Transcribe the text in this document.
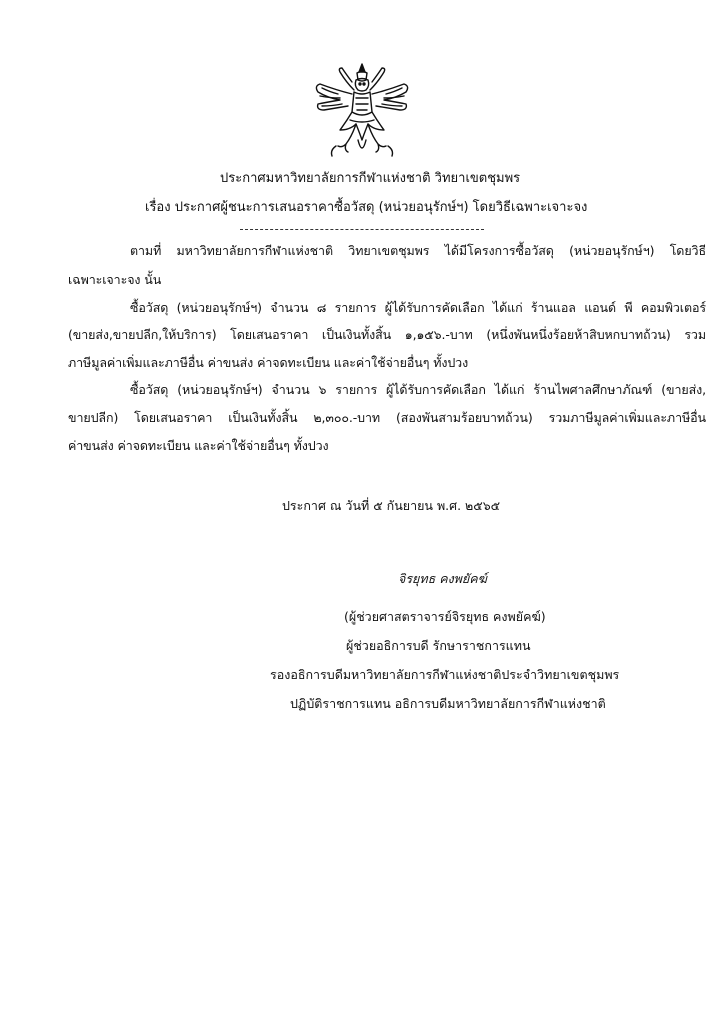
ประกาศมหาวิทยาลัยการกีฬาแห่งชาติ วิทยาเขตชุมพร
เรื่อง ประกาศผู้ชนะการเสนอราคาซื้อวัสดุ (หน่วยอนุรักษ์ฯ) โดยวิธีเฉพาะเจาะจง
ตามที่ มหาวิทยาลัยการกีฬาแห่งชาติ วิทยาเขตชุมพร ได้มีโครงการซื้อวัสดุ (หน่วยอนุรักษ์ฯ) โดยวิธี
เฉพาะเจาะจง นั้น
ซื้อวัสดุ (หน่วยอนุรักษ์ฯ) จำนวน ๘ รายการ ผู้ได้รับการคัดเลือก ได้แก่ ร้านแอล แอนด์ พี คอมพิวเตอร์
(ขายส่ง,ขายปลีก,ให้บริการ) โดยเสนอราคา เป็นเงินทั้งสิ้น ๑,๑๕๖.-บาท (หนึ่งพันหนึ่งร้อยห้าสิบหกบาทถ้วน) รวม
ภาษีมูลค่าเพิ่มและภาษีอื่น ค่าขนส่ง ค่าจดทะเบียน และค่าใช้จ่ายอื่นๆ ทั้งปวง
ซื้อวัสดุ (หน่วยอนุรักษ์ฯ) จำนวน ๖ รายการ ผู้ได้รับการคัดเลือก ได้แก่ ร้านไพศาลศึกษาภัณฑ์ (ขายส่ง,
ขายปลีก) โดยเสนอราคา เป็นเงินทั้งสิ้น ๒,๓๐๐.-บาท (สองพันสามร้อยบาทถ้วน) รวมภาษีมูลค่าเพิ่มและภาษีอื่น
ค่าขนส่ง ค่าจดทะเบียน และค่าใช้จ่ายอื่นๆ ทั้งปวง
ประกาศ ณ วันที่ ๕ กันยายน พ.ศ. ๒๕๖๕
จิรยุทธ คงพยัคฆ์
(ผู้ช่วยศาสตราจารย์จิรยุทธ คงพยัคฆ์)
ผู้ช่วยอธิการบดี รักษาราชการแทน
รองอธิการบดีมหาวิทยาลัยการกีฬาแห่งชาติประจำวิทยาเขตชุมพร
ปฏิบัติราชการแทน อธิการบดีมหาวิทยาลัยการกีฬาแห่งชาติ
